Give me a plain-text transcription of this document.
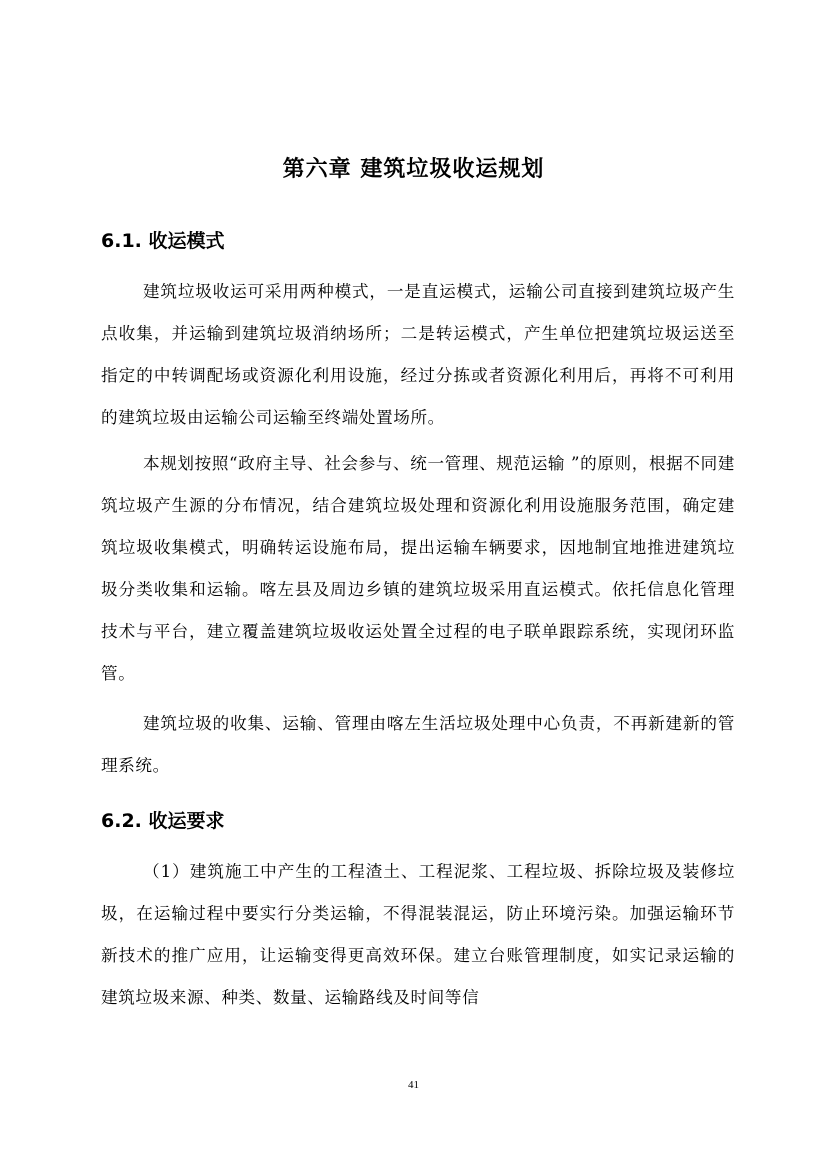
第六章 建筑垃圾收运规划
6.1. 收运模式

建筑垃圾收运可采用两种模式，一是直运模式，运输公司直接到建筑垃圾产生点收集，并运输到建筑垃圾消纳场所；二是转运模式，产生单位把建筑垃圾运送至指定的中转调配场或资源化利用设施，经过分拣或者资源化利用后，再将不可利用的建筑垃圾由运输公司运输至终端处置场所。

本规划按照“政府主导、社会参与、统一管理、规范运输 ”的原则，根据不同建筑垃圾产生源的分布情况，结合建筑垃圾处理和资源化利用设施服务范围，确定建筑垃圾收集模式，明确转运设施布局，提出运输车辆要求，因地制宜地推进建筑垃圾分类收集和运输。喀左县及周边乡镇的建筑垃圾采用直运模式。依托信息化管理技术与平台，建立覆盖建筑垃圾收运处置全过程的电子联单跟踪系统，实现闭环监管。

建筑垃圾的收集、运输、管理由喀左生活垃圾处理中心负责，不再新建新的管理系统。

6.2. 收运要求

（1）建筑施工中产生的工程渣土、工程泥浆、工程垃圾、拆除垃圾及装修垃圾，在运输过程中要实行分类运输，不得混装混运，防止环境污染。加强运输环节新技术的推广应用，让运输变得更高效环保。建立台账管理制度，如实记录运输的建筑垃圾来源、种类、数量、运输路线及时间等信

41
